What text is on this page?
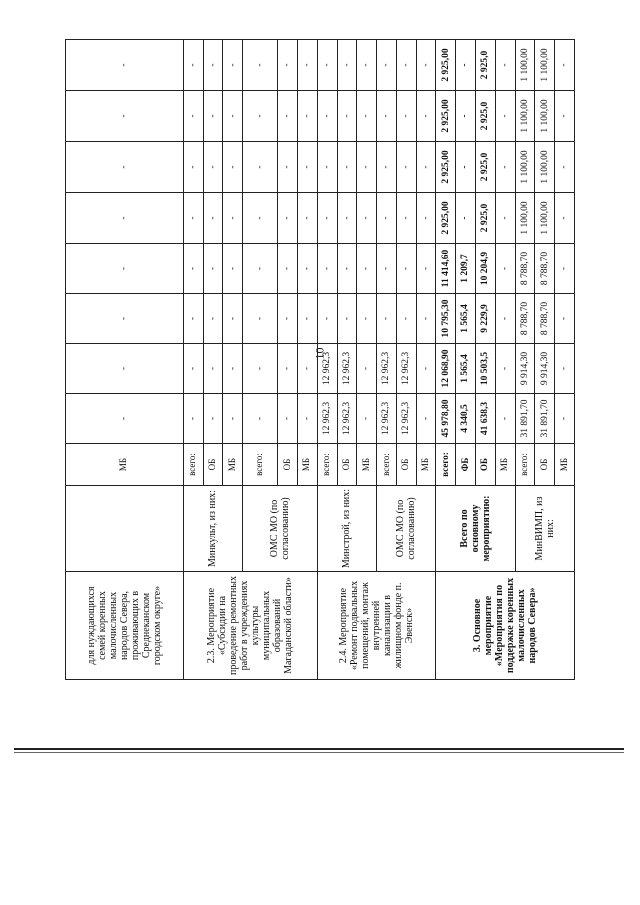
10
для нуждающихся семей коренных малочисленных народов Севера, проживающих в Среднеканском городском округе»		МБ	-	-	-	-	-	-	-	-
2.3. Мероприятие «Субсидии на проведение ремонтных работ в учреждениях культуры муниципальных образований Магаданской области»	Минкульт, из них:	всего:	-	-	-	-	-	-	-	-
		ОБ	-	-	-	-	-	-	-	-
		МБ	-	-	-	-	-	-	-	-
	ОМС МО (по согласованию)	всего:	-	-	-	-	-	-	-	-
		ОБ	-	-	-	-	-	-	-	-
		МБ	-	-	-	-	-	-	-	-
2.4. Мероприятие «Ремонт подвальных помещений, монтаж внутренней канализации в жилищном фонде п. Эвенск»	Минстрой, из них:	всего:	12 962,3	12 962,3	-	-	-	-	-	-
		ОБ	12 962,3	12 962,3	-	-	-	-	-	-
		МБ	-	-	-	-	-	-	-	-
	ОМС МО (по согласованию)	всего:	12 962,3	12 962,3	-	-	-	-	-	-
		ОБ	12 962,3	12 962,3	-	-	-	-	-	-
		МБ	-	-	-	-	-	-	-	-
3. Основное мероприятие «Мероприятия по поддержке коренных малочисленных народов Севера»	Всего по основному мероприятию:	всего:	45 978,80	12 068,90	10 795,30	11 414,60	2 925,00	2 925,00	2 925,00	2 925,00
		ФБ	4 340,5	1 565,4	1 565,4	1 209,7	-	-	-	-
		ОБ	41 638,3	10 503,5	9 229,9	10 204,9	2 925,0	2 925,0	2 925,0	2 925,0
		МБ	-	-	-	-	-	-	-	-
	МинВИМП, из них:	всего:	31 891,70	9 914,30	8 788,70	8 788,70	1 100,00	1 100,00	1 100,00	1 100,00
		ОБ	31 891,70	9 914,30	8 788,70	8 788,70	1 100,00	1 100,00	1 100,00	1 100,00
		МБ	-	-	-	-	-	-	-	-
